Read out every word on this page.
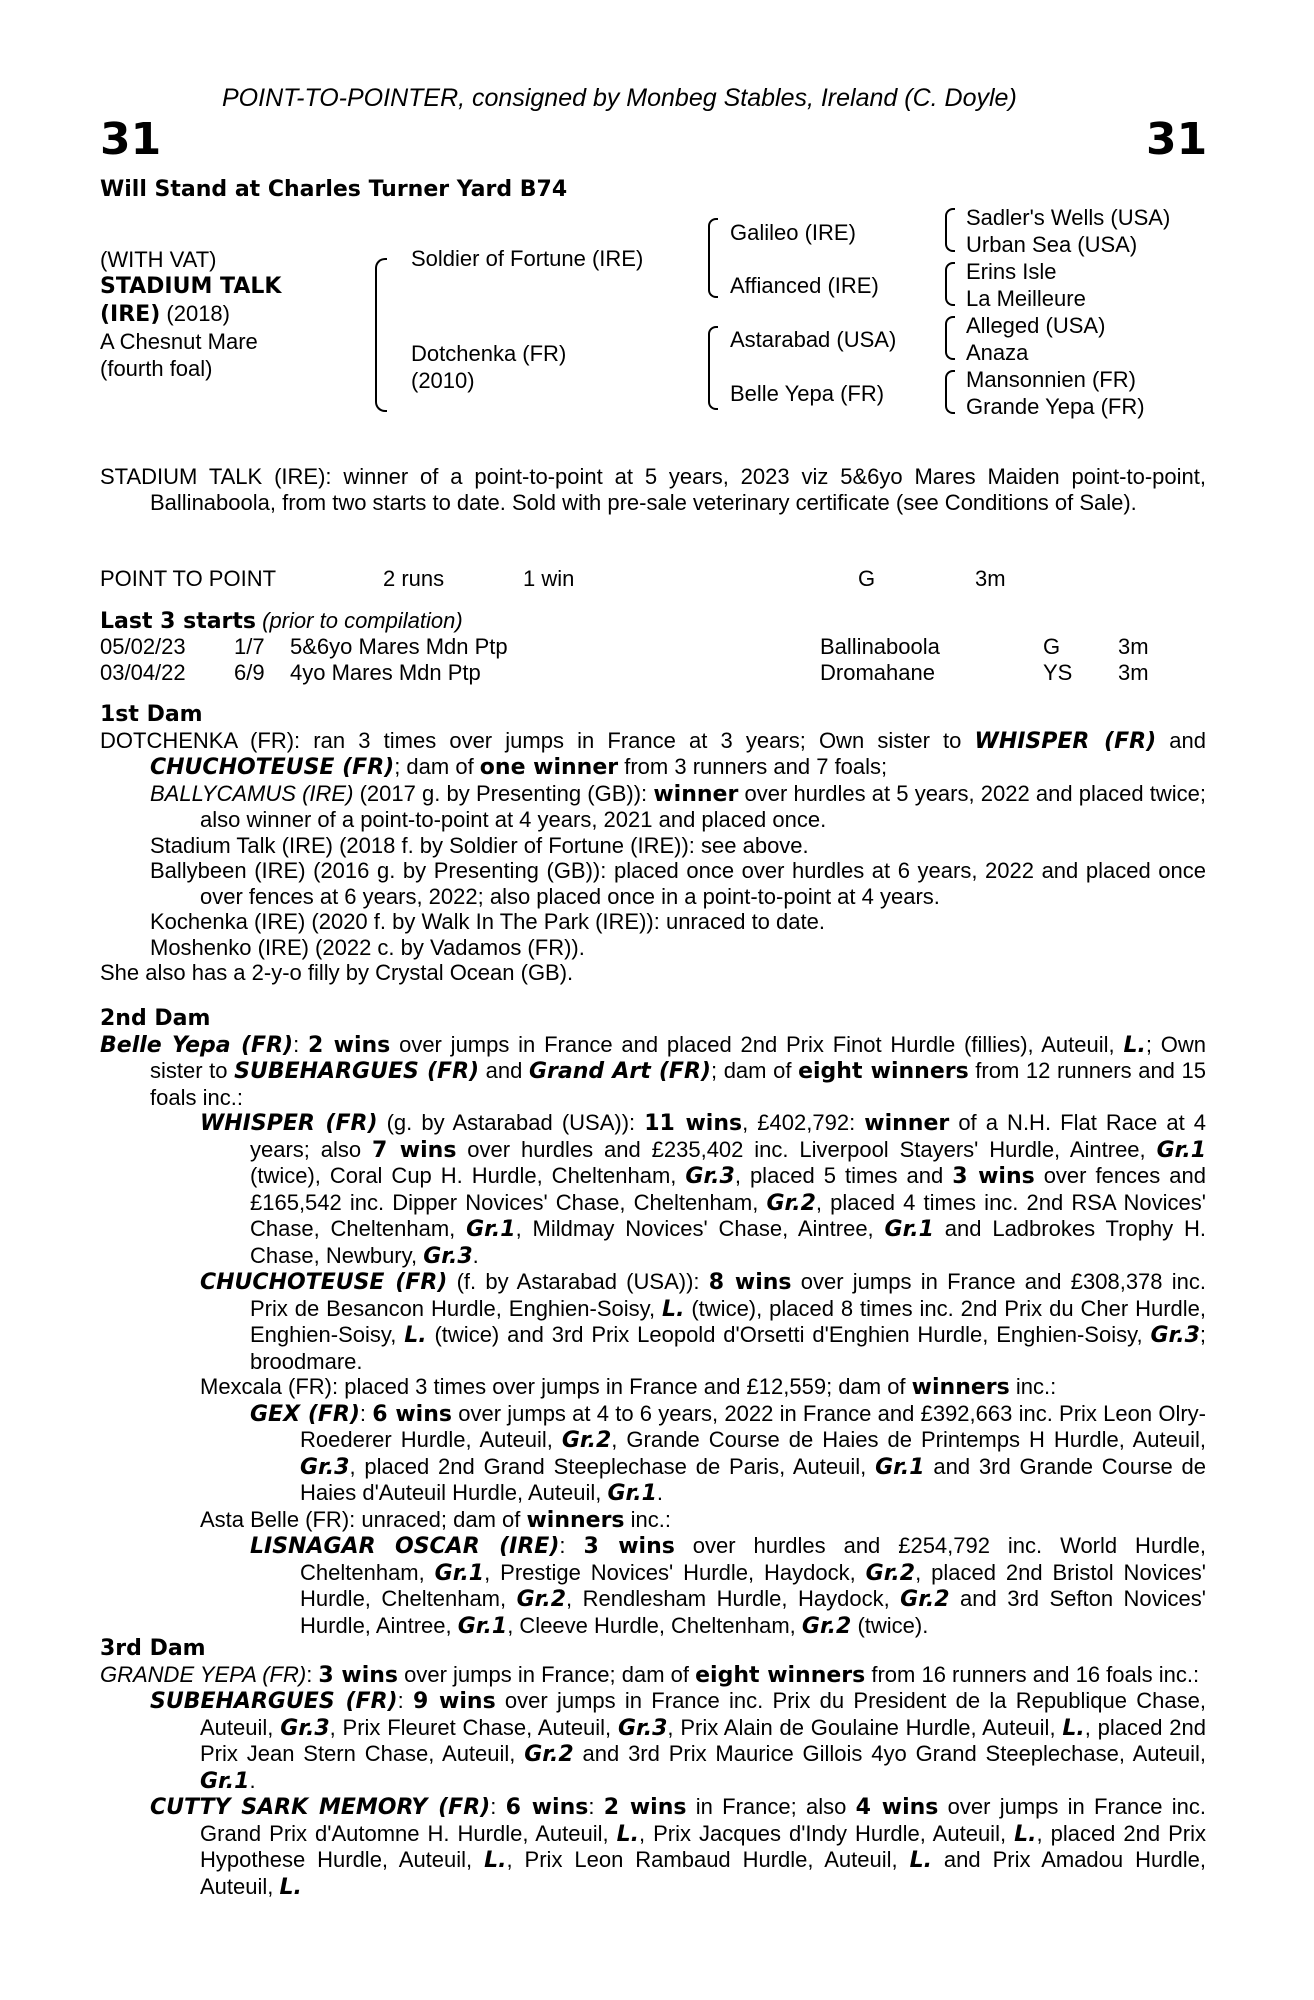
POINT-TO-POINTER, consigned by Monbeg Stables, Ireland (C. Doyle)
31	31
Will Stand at Charles Turner Yard B74
(WITH VAT)
STADIUM TALK
(IRE) (2018)
A Chesnut Mare
(fourth foal)
Soldier of Fortune (IRE)
Dotchenka (FR)
(2010)
Galileo (IRE)
Affianced (IRE)
Astarabad (USA)
Belle Yepa (FR)
Sadler's Wells (USA)
Urban Sea (USA)
Erins Isle
La Meilleure
Alleged (USA)
Anaza
Mansonnien (FR)
Grande Yepa (FR)

STADIUM TALK (IRE): winner of a point-to-point at 5 years, 2023 viz 5&6yo Mares Maiden point-to-point, Ballinaboola, from two starts to date. Sold with pre-sale veterinary certificate (see Conditions of Sale).

POINT TO POINT	2 runs	1 win	G	3m
Last 3 starts (prior to compilation)
05/02/23 1/7 5&6yo Mares Mdn Ptp	Ballinaboola	G	3m
03/04/22 6/9 4yo Mares Mdn Ptp	Dromahane	YS 3m

1st Dam

DOTCHENKA (FR): ran 3 times over jumps in France at 3 years; Own sister to WHISPER (FR) and CHUCHOTEUSE (FR); dam of one winner from 3 runners and 7 foals;

BALLYCAMUS (IRE) (2017 g. by Presenting (GB)): winner over hurdles at 5 years, 2022 and placed twice; also winner of a point-to-point at 4 years, 2021 and placed once.

Stadium Talk (IRE) (2018 f. by Soldier of Fortune (IRE)): see above.

Ballybeen (IRE) (2016 g. by Presenting (GB)): placed once over hurdles at 6 years, 2022 and placed once over fences at 6 years, 2022; also placed once in a point-to-point at 4 years.

Kochenka (IRE) (2020 f. by Walk In The Park (IRE)): unraced to date.

Moshenko (IRE) (2022 c. by Vadamos (FR)).

She also has a 2-y-o filly by Crystal Ocean (GB).

2nd Dam

Belle Yepa (FR): 2 wins over jumps in France and placed 2nd Prix Finot Hurdle (fillies), Auteuil, L.; Own sister to SUBEHARGUES (FR) and Grand Art (FR); dam of eight winners from 12 runners and 15 foals inc.:

WHISPER (FR) (g. by Astarabad (USA)): 11 wins, £402,792: winner of a N.H. Flat Race at 4 years; also 7 wins over hurdles and £235,402 inc. Liverpool Stayers' Hurdle, Aintree, Gr.1 (twice), Coral Cup H. Hurdle, Cheltenham, Gr.3, placed 5 times and 3 wins over fences and £165,542 inc. Dipper Novices' Chase, Cheltenham, Gr.2, placed 4 times inc. 2nd RSA Novices' Chase, Cheltenham, Gr.1, Mildmay Novices' Chase, Aintree, Gr.1 and Ladbrokes Trophy H. Chase, Newbury, Gr.3.

CHUCHOTEUSE (FR) (f. by Astarabad (USA)): 8 wins over jumps in France and £308,378 inc. Prix de Besancon Hurdle, Enghien-Soisy, L. (twice), placed 8 times inc. 2nd Prix du Cher Hurdle, Enghien-Soisy, L. (twice) and 3rd Prix Leopold d'Orsetti d'Enghien Hurdle, Enghien-Soisy, Gr.3; broodmare.

Mexcala (FR): placed 3 times over jumps in France and £12,559; dam of winners inc.:

GEX (FR): 6 wins over jumps at 4 to 6 years, 2022 in France and £392,663 inc. Prix Leon Olry-Roederer Hurdle, Auteuil, Gr.2, Grande Course de Haies de Printemps H Hurdle, Auteuil, Gr.3, placed 2nd Grand Steeplechase de Paris, Auteuil, Gr.1 and 3rd Grande Course de Haies d'Auteuil Hurdle, Auteuil, Gr.1.

Asta Belle (FR): unraced; dam of winners inc.:

LISNAGAR OSCAR (IRE): 3 wins over hurdles and £254,792 inc. World Hurdle, Cheltenham, Gr.1, Prestige Novices' Hurdle, Haydock, Gr.2, placed 2nd Bristol Novices' Hurdle, Cheltenham, Gr.2, Rendlesham Hurdle, Haydock, Gr.2 and 3rd Sefton Novices' Hurdle, Aintree, Gr.1, Cleeve Hurdle, Cheltenham, Gr.2 (twice).

3rd Dam

GRANDE YEPA (FR): 3 wins over jumps in France; dam of eight winners from 16 runners and 16 foals inc.:

SUBEHARGUES (FR): 9 wins over jumps in France inc. Prix du President de la Republique Chase, Auteuil, Gr.3, Prix Fleuret Chase, Auteuil, Gr.3, Prix Alain de Goulaine Hurdle, Auteuil, L., placed 2nd Prix Jean Stern Chase, Auteuil, Gr.2 and 3rd Prix Maurice Gillois 4yo Grand Steeplechase, Auteuil, Gr.1.

CUTTY SARK MEMORY (FR): 6 wins: 2 wins in France; also 4 wins over jumps in France inc. Grand Prix d'Automne H. Hurdle, Auteuil, L., Prix Jacques d'Indy Hurdle, Auteuil, L., placed 2nd Prix Hypothese Hurdle, Auteuil, L., Prix Leon Rambaud Hurdle, Auteuil, L. and Prix Amadou Hurdle, Auteuil, L.
